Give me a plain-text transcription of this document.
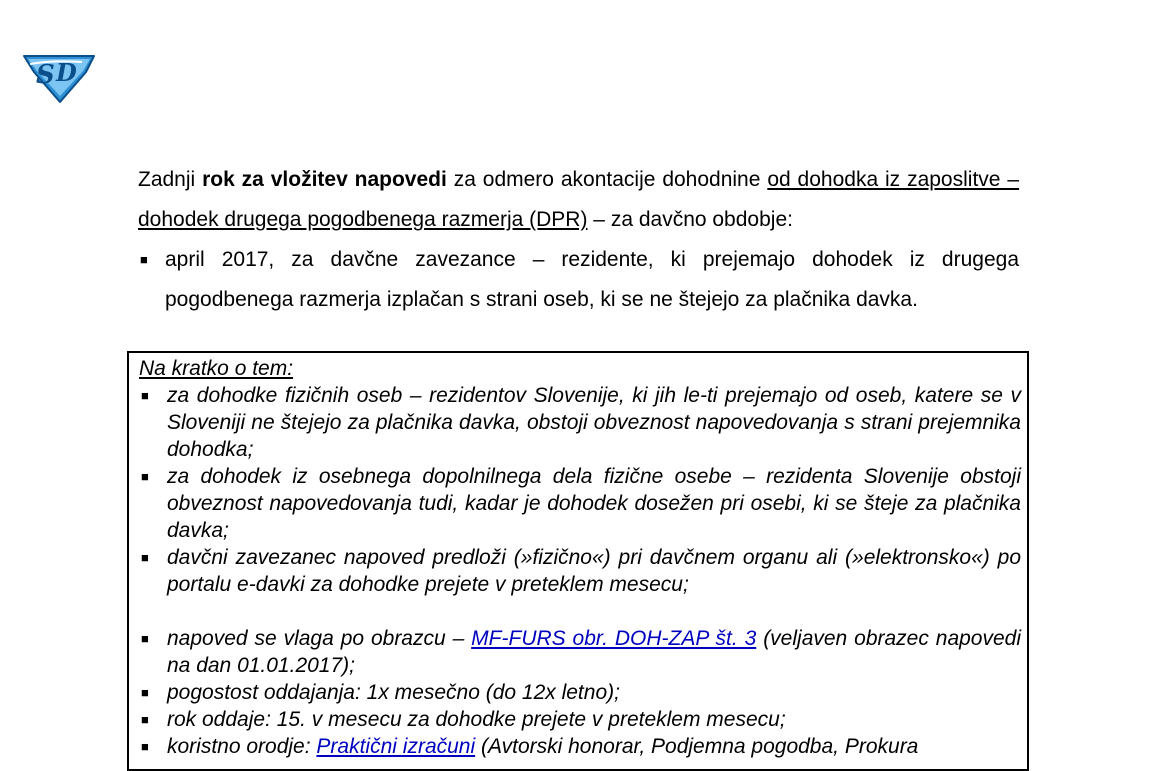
S D

Zadnji rok za vložitev napovedi za odmero akontacije dohodnine od dohodka iz zaposlitve – dohodek drugega pogodbenega razmerja (DPR) – za davčno obdobje:

■ april 2017, za davčne zavezance – rezidente, ki prejemajo dohodek iz drugega pogodbenega razmerja izplačan s strani oseb, ki se ne štejejo za plačnika davka.

Na kratko o tem:

■ za dohodke fizičnih oseb – rezidentov Slovenije, ki jih le-ti prejemajo od oseb, katere se v Sloveniji ne štejejo za plačnika davka, obstoji obveznost napovedovanja s strani prejemnika dohodka;
■ za dohodek iz osebnega dopolnilnega dela fizične osebe – rezidenta Slovenije obstoji obveznost napovedovanja tudi, kadar je dohodek dosežen pri osebi, ki se šteje za plačnika davka;
■ davčni zavezanec napoved predloži (»fizično«) pri davčnem organu ali (»elektronsko«) po portalu e-davki za dohodke prejete v preteklem mesecu;
■ napoved se vlaga po obrazcu – MF-FURS obr. DOH-ZAP št. 3 (veljaven obrazec napovedi na dan 01.01.2017);
■ pogostost oddajanja: 1x mesečno (do 12x letno);
■ rok oddaje: 15. v mesecu za dohodke prejete v preteklem mesecu;
■ koristno orodje: Praktični izračuni (Avtorski honorar, Podjemna pogodba, Prokura
